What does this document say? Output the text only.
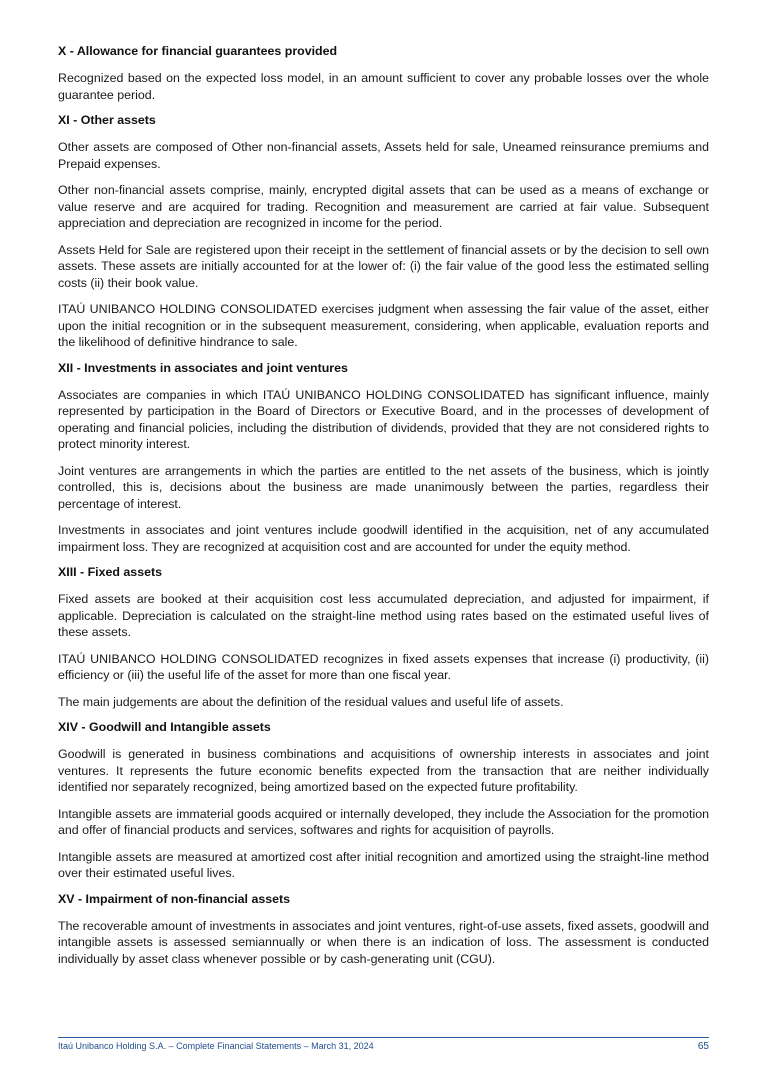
X - Allowance for financial guarantees provided

Recognized based on the expected loss model, in an amount sufficient to cover any probable losses over the whole guarantee period.

XI - Other assets

Other assets are composed of Other non-financial assets, Assets held for sale, Uneamed reinsurance premiums and Prepaid expenses.

Other non-financial assets comprise, mainly, encrypted digital assets that can be used as a means of exchange or value reserve and are acquired for trading. Recognition and measurement are carried at fair value. Subsequent appreciation and depreciation are recognized in income for the period.

Assets Held for Sale are registered upon their receipt in the settlement of financial assets or by the decision to sell own assets. These assets are initially accounted for at the lower of: (i) the fair value of the good less the estimated selling costs (ii) their book value.

ITAÚ UNIBANCO HOLDING CONSOLIDATED exercises judgment when assessing the fair value of the asset, either upon the initial recognition or in the subsequent measurement, considering, when applicable, evaluation reports and the likelihood of definitive hindrance to sale.

XII - Investments in associates and joint ventures

Associates are companies in which ITAÚ UNIBANCO HOLDING CONSOLIDATED has significant influence, mainly represented by participation in the Board of Directors or Executive Board, and in the processes of development of operating and financial policies, including the distribution of dividends, provided that they are not considered rights to protect minority interest.

Joint ventures are arrangements in which the parties are entitled to the net assets of the business, which is jointly controlled, this is, decisions about the business are made unanimously between the parties, regardless their percentage of interest.

Investments in associates and joint ventures include goodwill identified in the acquisition, net of any accumulated impairment loss. They are recognized at acquisition cost and are accounted for under the equity method.

XIII - Fixed assets

Fixed assets are booked at their acquisition cost less accumulated depreciation, and adjusted for impairment, if applicable. Depreciation is calculated on the straight-line method using rates based on the estimated useful lives of these assets.

ITAÚ UNIBANCO HOLDING CONSOLIDATED recognizes in fixed assets expenses that increase (i) productivity, (ii) efficiency or (iii) the useful life of the asset for more than one fiscal year.

The main judgements are about the definition of the residual values and useful life of assets.

XIV - Goodwill and Intangible assets

Goodwill is generated in business combinations and acquisitions of ownership interests in associates and joint ventures. It represents the future economic benefits expected from the transaction that are neither individually identified nor separately recognized, being amortized based on the expected future profitability.

Intangible assets are immaterial goods acquired or internally developed, they include the Association for the promotion and offer of financial products and services, softwares and rights for acquisition of payrolls.

Intangible assets are measured at amortized cost after initial recognition and amortized using the straight-line method over their estimated useful lives.

XV - Impairment of non-financial assets

The recoverable amount of investments in associates and joint ventures, right-of-use assets, fixed assets, goodwill and intangible assets is assessed semiannually or when there is an indication of loss. The assessment is conducted individually by asset class whenever possible or by cash-generating unit (CGU).

Itaú Unibanco Holding S.A. – Complete Financial Statements – March 31, 2024	65
